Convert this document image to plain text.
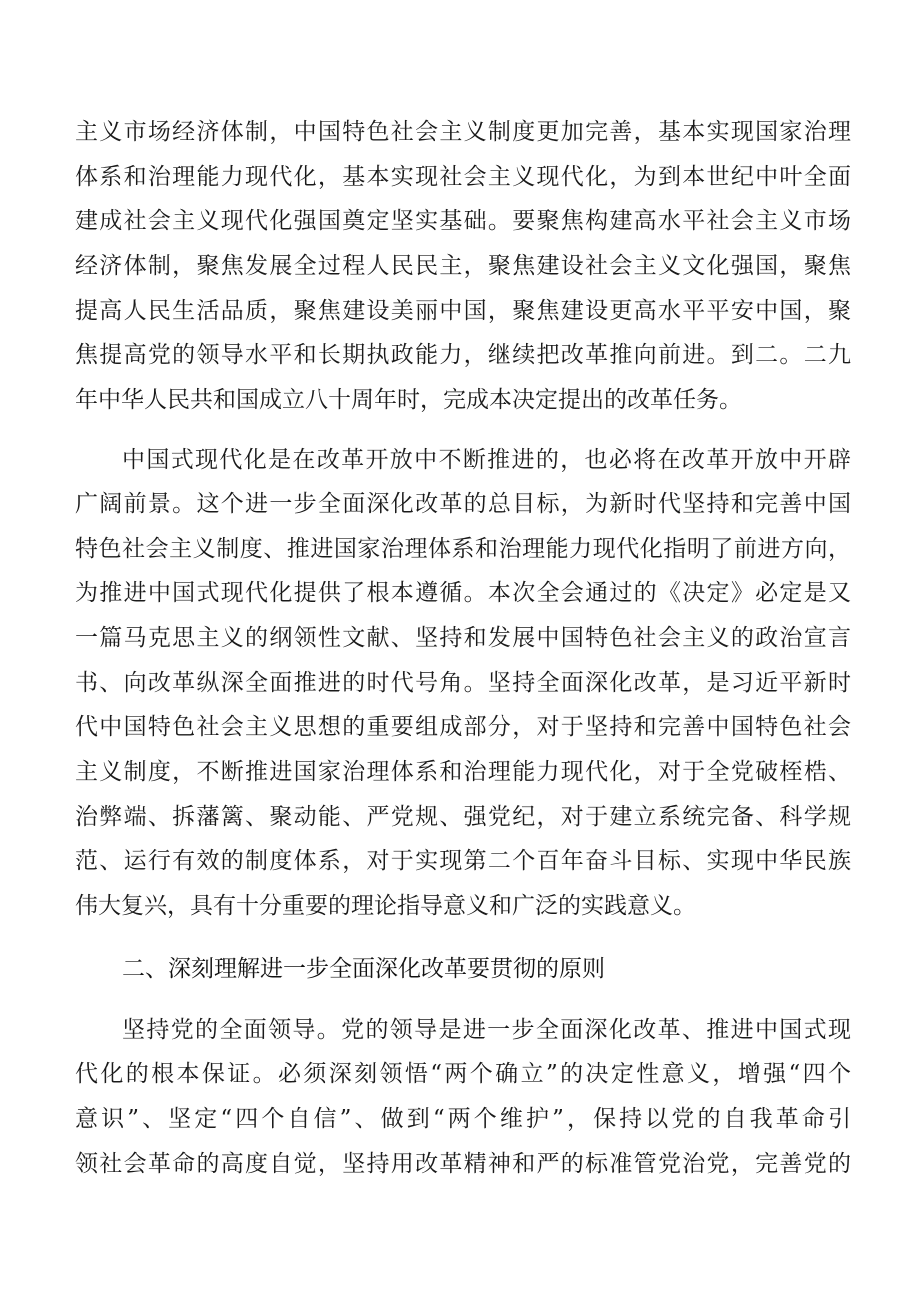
主义市场经济体制，中国特色社会主义制度更加完善，基本实现国家治理
体系和治理能力现代化，基本实现社会主义现代化，为到本世纪中叶全面
建成社会主义现代化强国奠定坚实基础。要聚焦构建高水平社会主义市场
经济体制，聚焦发展全过程人民民主，聚焦建设社会主义文化强国，聚焦
提高人民生活品质，聚焦建设美丽中国，聚焦建设更高水平平安中国，聚
焦提高党的领导水平和长期执政能力，继续把改革推向前进。到二。二九
年中华人民共和国成立八十周年时，完成本决定提出的改革任务。
中国式现代化是在改革开放中不断推进的，也必将在改革开放中开辟
广阔前景。这个进一步全面深化改革的总目标，为新时代坚持和完善中国
特色社会主义制度、推进国家治理体系和治理能力现代化指明了前进方向，
为推进中国式现代化提供了根本遵循。本次全会通过的《决定》必定是又
一篇马克思主义的纲领性文献、坚持和发展中国特色社会主义的政治宣言
书、向改革纵深全面推进的时代号角。坚持全面深化改革，是习近平新时
代中国特色社会主义思想的重要组成部分，对于坚持和完善中国特色社会
主义制度，不断推进国家治理体系和治理能力现代化，对于全党破桎梏、
治弊端、拆藩篱、聚动能、严党规、强党纪，对于建立系统完备、科学规
范、运行有效的制度体系，对于实现第二个百年奋斗目标、实现中华民族
伟大复兴，具有十分重要的理论指导意义和广泛的实践意义。
二、深刻理解进一步全面深化改革要贯彻的原则
坚持党的全面领导。党的领导是进一步全面深化改革、推进中国式现
代化的根本保证。必须深刻领悟“两个确立”的决定性意义，增强“四个
意识”、坚定“四个自信”、做到“两个维护”，保持以党的自我革命引
领社会革命的高度自觉，坚持用改革精神和严的标准管党治党，完善党的
